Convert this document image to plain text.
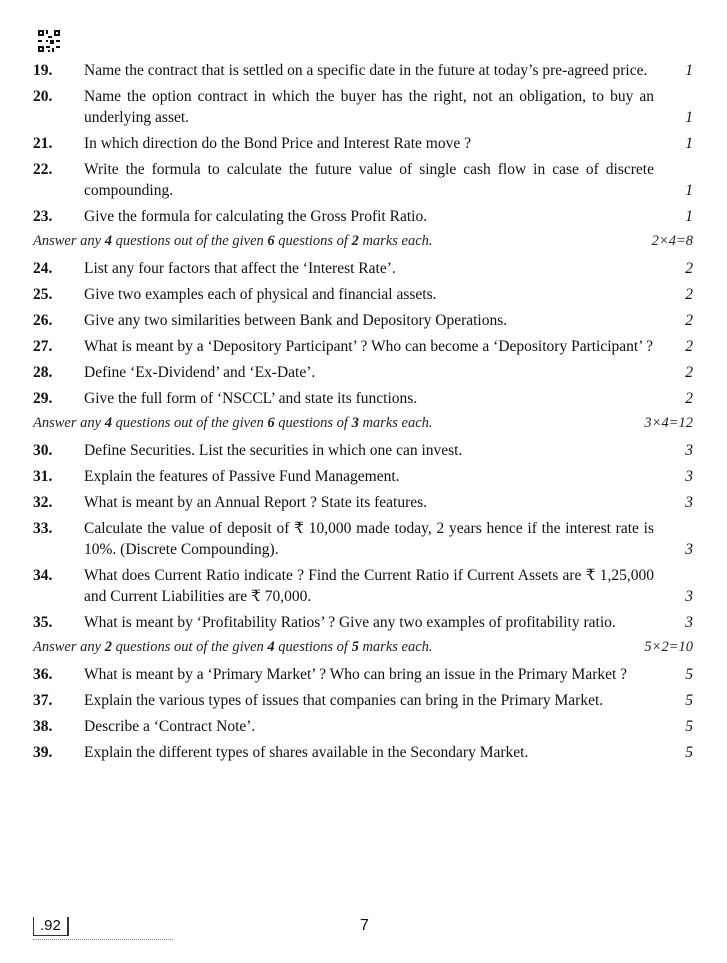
19.	Name the contract that is settled on a specific date in the future at today’s pre-agreed price.	1
20.	Name the option contract in which the buyer has the right, not an obligation, to buy an underlying asset.	1
21.	In which direction do the Bond Price and Interest Rate move ?	1
22.	Write the formula to calculate the future value of single cash flow in case of discrete compounding.	1
23.	Give the formula for calculating the Gross Profit Ratio.	1
Answer any 4 questions out of the given 6 questions of 2 marks each.	2×4=8
24.	List any four factors that affect the ‘Interest Rate’.	2
25.	Give two examples each of physical and financial assets.	2
26.	Give any two similarities between Bank and Depository Operations.	2
27.	What is meant by a ‘Depository Participant’ ? Who can become a ‘Depository Participant’ ? 2
28.	Define ‘Ex-Dividend’ and ‘Ex-Date’.	2
29.	Give the full form of ‘NSCCL’ and state its functions.	2
Answer any 4 questions out of the given 6 questions of 3 marks each.	3×4=12
30.	Define Securities. List the securities in which one can invest.	3
31.	Explain the features of Passive Fund Management.	3
32.	What is meant by an Annual Report ? State its features.	3
33.	Calculate the value of deposit of ₹ 10,000 made today, 2 years hence if the interest rate is 10%. (Discrete Compounding).	3
34.	What does Current Ratio indicate ? Find the Current Ratio if Current Assets are ₹ 1,25,000 and Current Liabilities are ₹ 70,000.	3
35.	What is meant by ‘Profitability Ratios’ ? Give any two examples of profitability ratio.	3
Answer any 2 questions out of the given 4 questions of 5 marks each.	5×2=10
36.	What is meant by a ‘Primary Market’ ? Who can bring an issue in the Primary Market ?	5
37.	Explain the various types of issues that companies can bring in the Primary Market.	5
38.	Describe a ‘Contract Note’.	5
39.	Explain the different types of shares available in the Secondary Market.	5
.92	7
